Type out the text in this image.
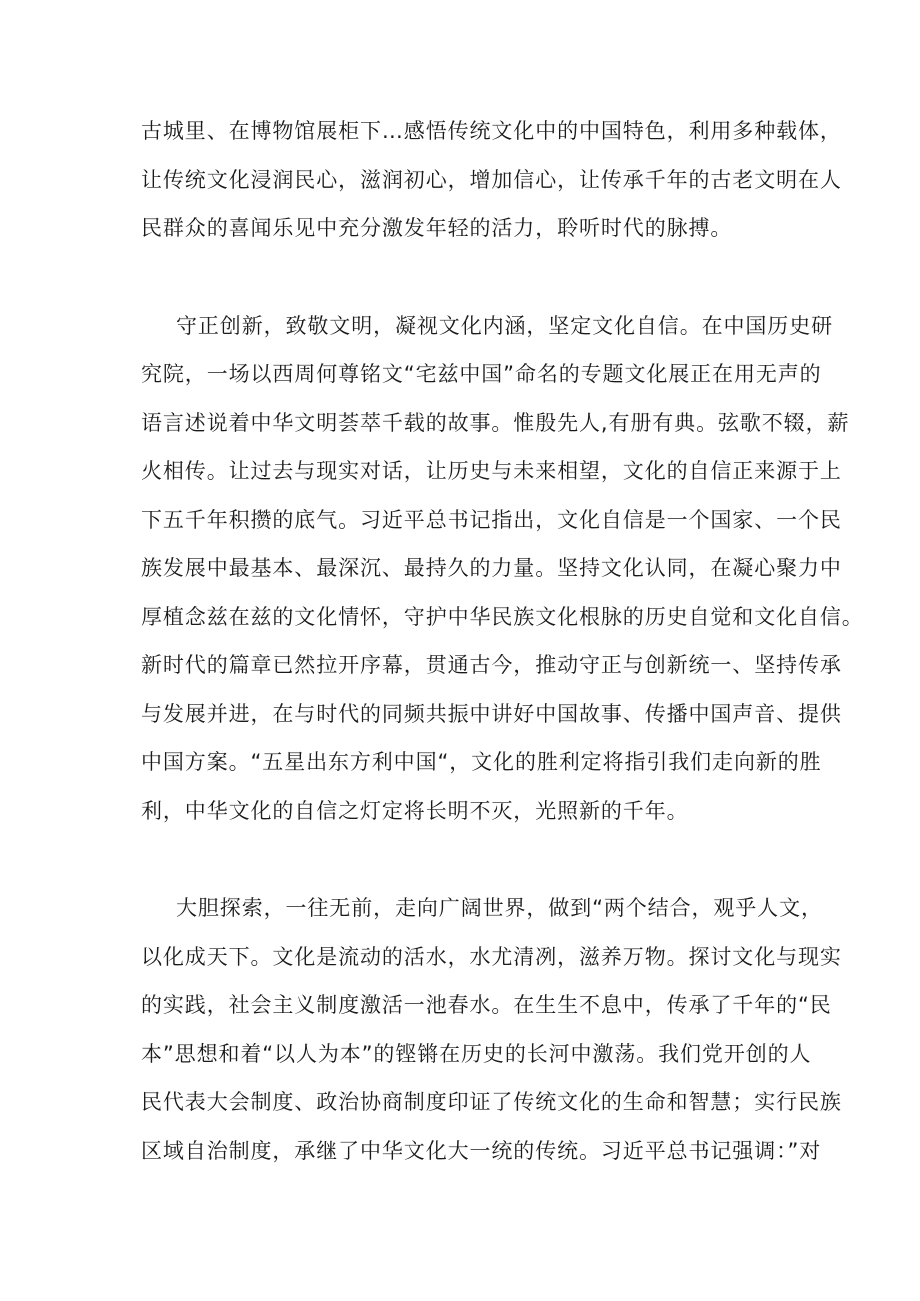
古城里、在博物馆展柜下…感悟传统文化中的中国特色，利用多种载体，
让传统文化浸润民心，滋润初心，增加信心，让传承千年的古老文明在人
民群众的喜闻乐见中充分激发年轻的活力，聆听时代的脉搏。
守正创新，致敬文明，凝视文化内涵，坚定文化自信。在中国历史研
究院，一场以西周何尊铭文“宅兹中国”命名的专题文化展正在用无声的
语言述说着中华文明荟萃千载的故事。惟殷先人,有册有典。弦歌不辍，薪
火相传。让过去与现实对话，让历史与未来相望，文化的自信正来源于上
下五千年积攒的底气。习近平总书记指出，文化自信是一个国家、一个民
族发展中最基本、最深沉、最持久的力量。坚持文化认同，在凝心聚力中
厚植念兹在兹的文化情怀，守护中华民族文化根脉的历史自觉和文化自信。
新时代的篇章已然拉开序幕，贯通古今，推动守正与创新统一、坚持传承
与发展并进，在与时代的同频共振中讲好中国故事、传播中国声音、提供
中国方案。“五星出东方利中国“，文化的胜利定将指引我们走向新的胜
利，中华文化的自信之灯定将长明不灭，光照新的千年。
大胆探索，一往无前，走向广阔世界，做到“两个结合，观乎人文，
以化成天下。文化是流动的活水，水尤清冽，滋养万物。探讨文化与现实
的实践，社会主义制度激活一池春水。在生生不息中，传承了千年的“民
本”思想和着“以人为本”的铿锵在历史的长河中激荡。我们党开创的人
民代表大会制度、政治协商制度印证了传统文化的生命和智慧；实行民族
区域自治制度，承继了中华文化大一统的传统。习近平总书记强调：”对
